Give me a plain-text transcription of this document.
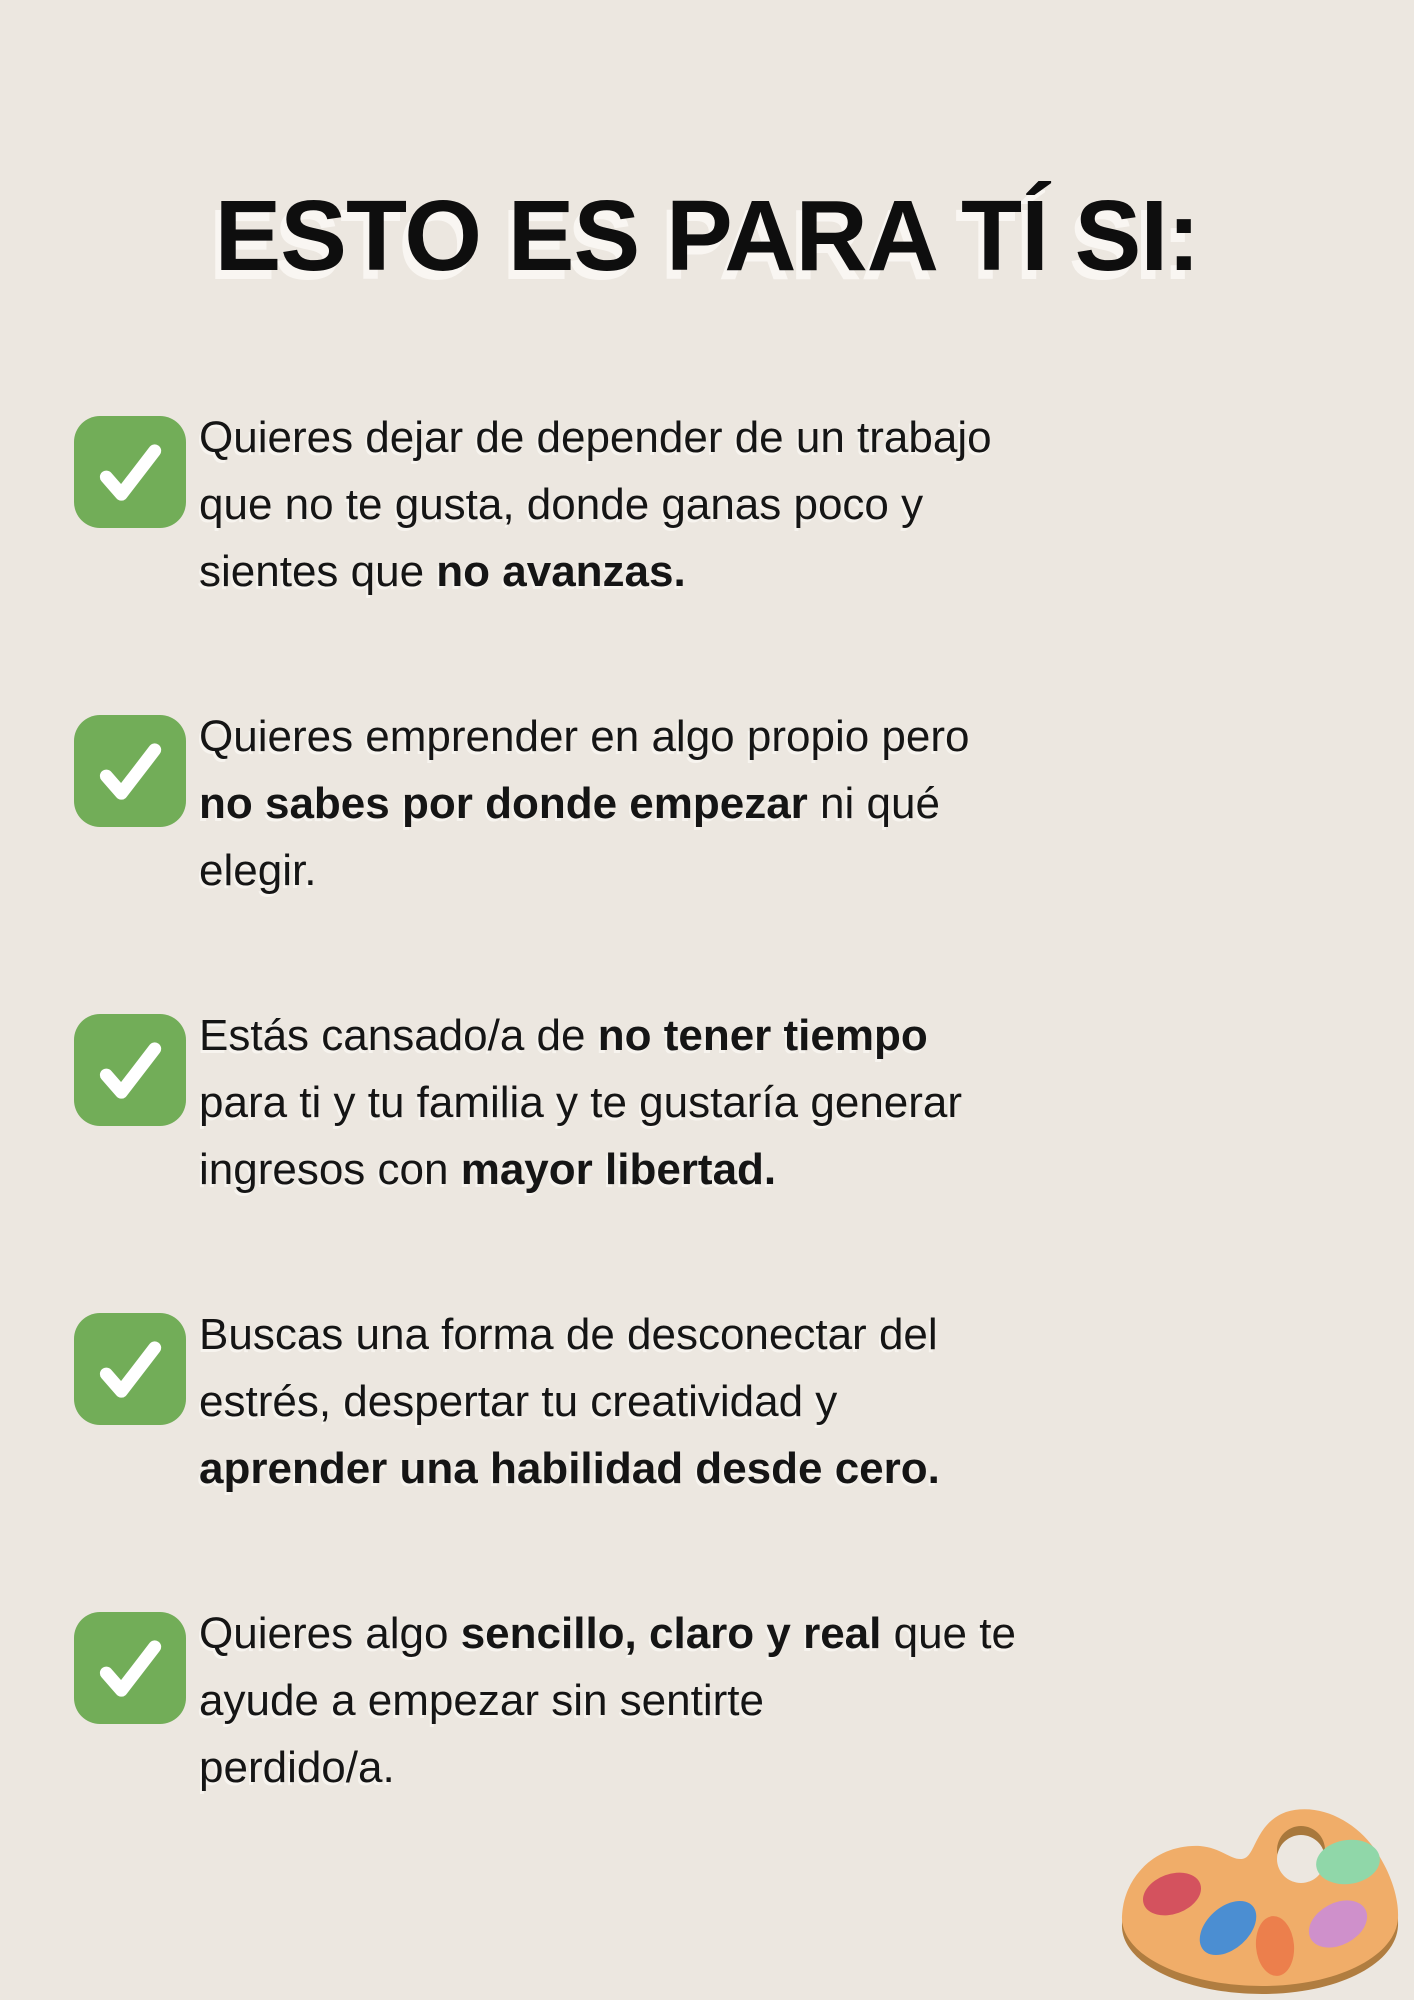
ESTO ES PARA TÍ SI:

Quieres dejar de depender de un trabajo
que no te gusta, donde ganas poco y
sientes que no avanzas.

Quieres emprender en algo propio pero
no sabes por donde empezar ni qué
elegir.

Estás cansado/a de no tener tiempo
para ti y tu familia y te gustaría generar
ingresos con mayor libertad.

Buscas una forma de desconectar del
estrés, despertar tu creatividad y
aprender una habilidad desde cero.

Quieres algo sencillo, claro y real que te
ayude a empezar sin sentirte
perdido/a.
